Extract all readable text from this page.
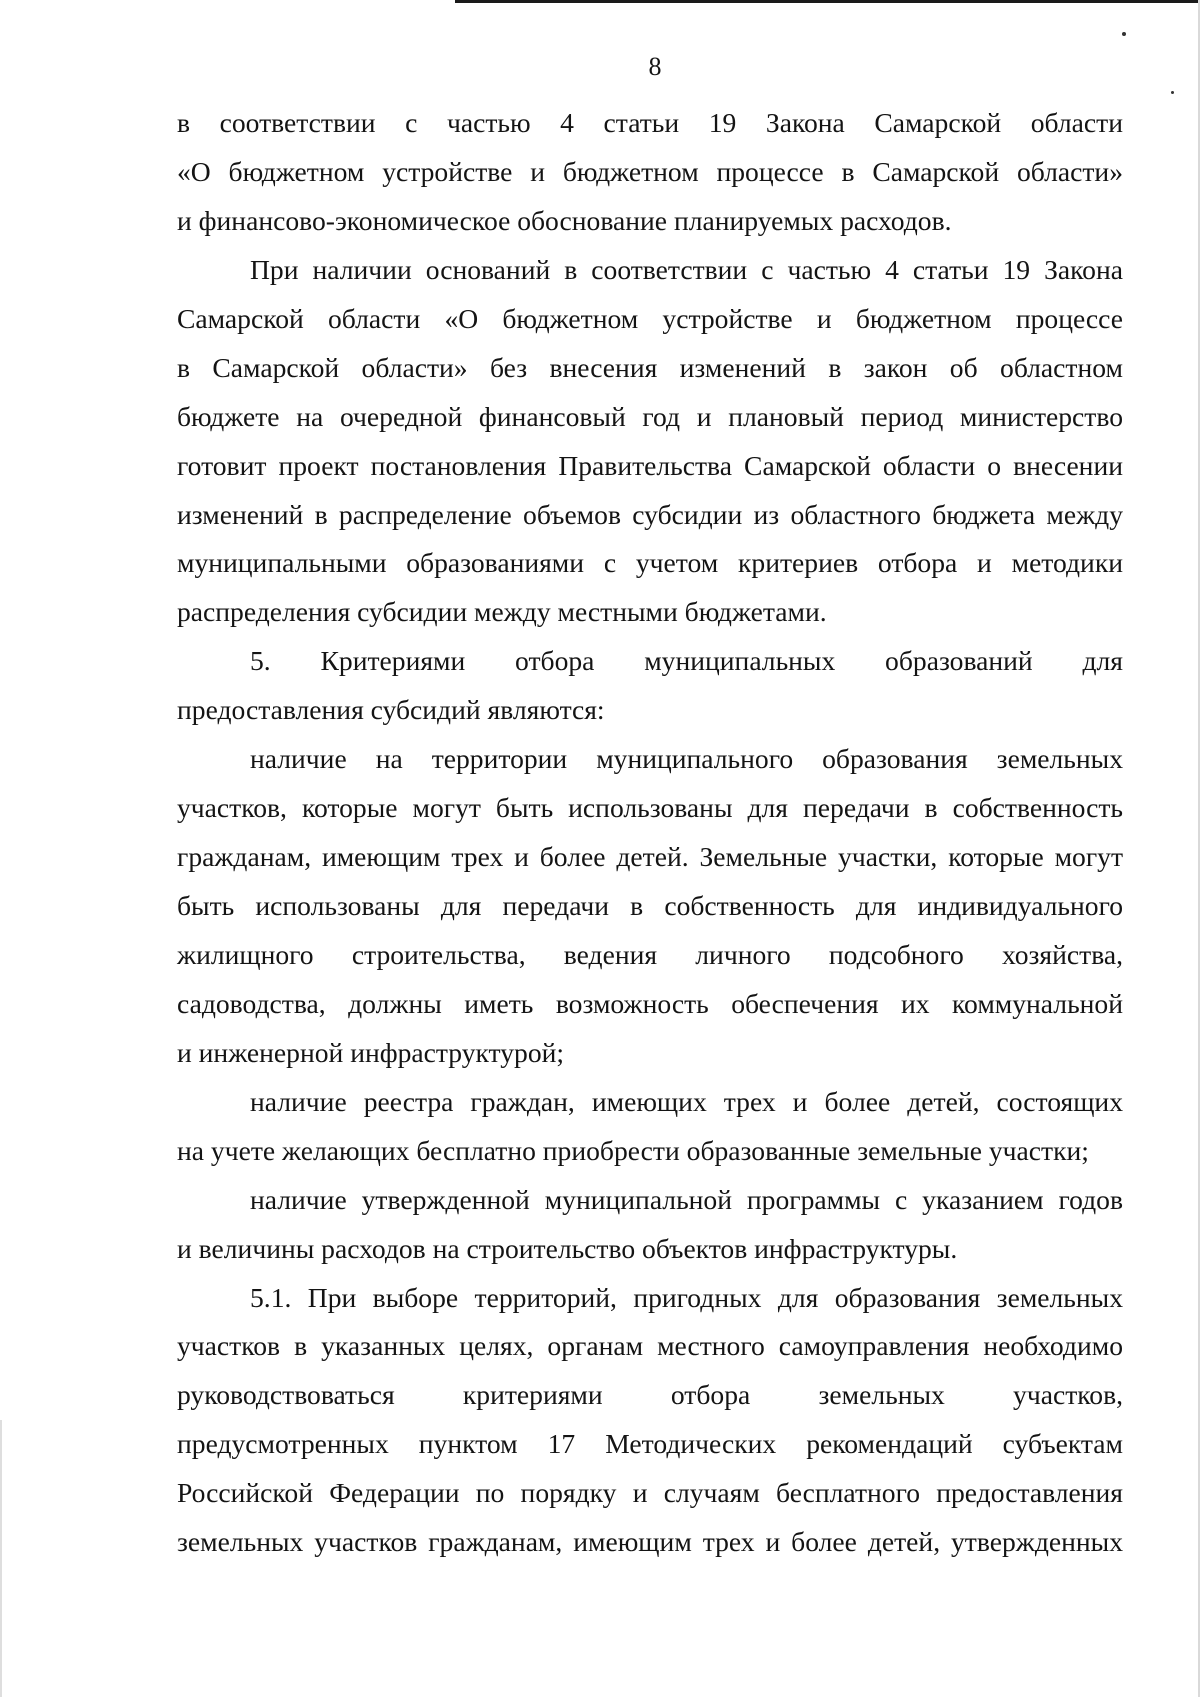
8
в соответствии с частью 4 статьи 19 Закона Самарской области
«О бюджетном устройстве и бюджетном процессе в Самарской области»
и финансово-экономическое обоснование планируемых расходов.
При наличии оснований в соответствии с частью 4 статьи 19 Закона
Самарской области «О бюджетном устройстве и бюджетном процессе
в Самарской области» без внесения изменений в закон об областном
бюджете на очередной финансовый год и плановый период министерство
готовит проект постановления Правительства Самарской области о внесении
изменений в распределение объемов субсидии из областного бюджета между
муниципальными образованиями с учетом критериев отбора и методики
распределения субсидии между местными бюджетами.
5. Критериями отбора муниципальных образований для
предоставления субсидий являются:
наличие на территории муниципального образования земельных
участков, которые могут быть использованы для передачи в собственность
гражданам, имеющим трех и более детей. Земельные участки, которые могут
быть использованы для передачи в собственность для индивидуального
жилищного строительства, ведения личного подсобного хозяйства,
садоводства, должны иметь возможность обеспечения их коммунальной
и инженерной инфраструктурой;
наличие реестра граждан, имеющих трех и более детей, состоящих
на учете желающих бесплатно приобрести образованные земельные участки;
наличие утвержденной муниципальной программы с указанием годов
и величины расходов на строительство объектов инфраструктуры.
5.1. При выборе территорий, пригодных для образования земельных
участков в указанных целях, органам местного самоуправления необходимо
руководствоваться критериями отбора земельных участков,
предусмотренных пунктом 17 Методических рекомендаций субъектам
Российской Федерации по порядку и случаям бесплатного предоставления
земельных участков гражданам, имеющим трех и более детей, утвержденных
